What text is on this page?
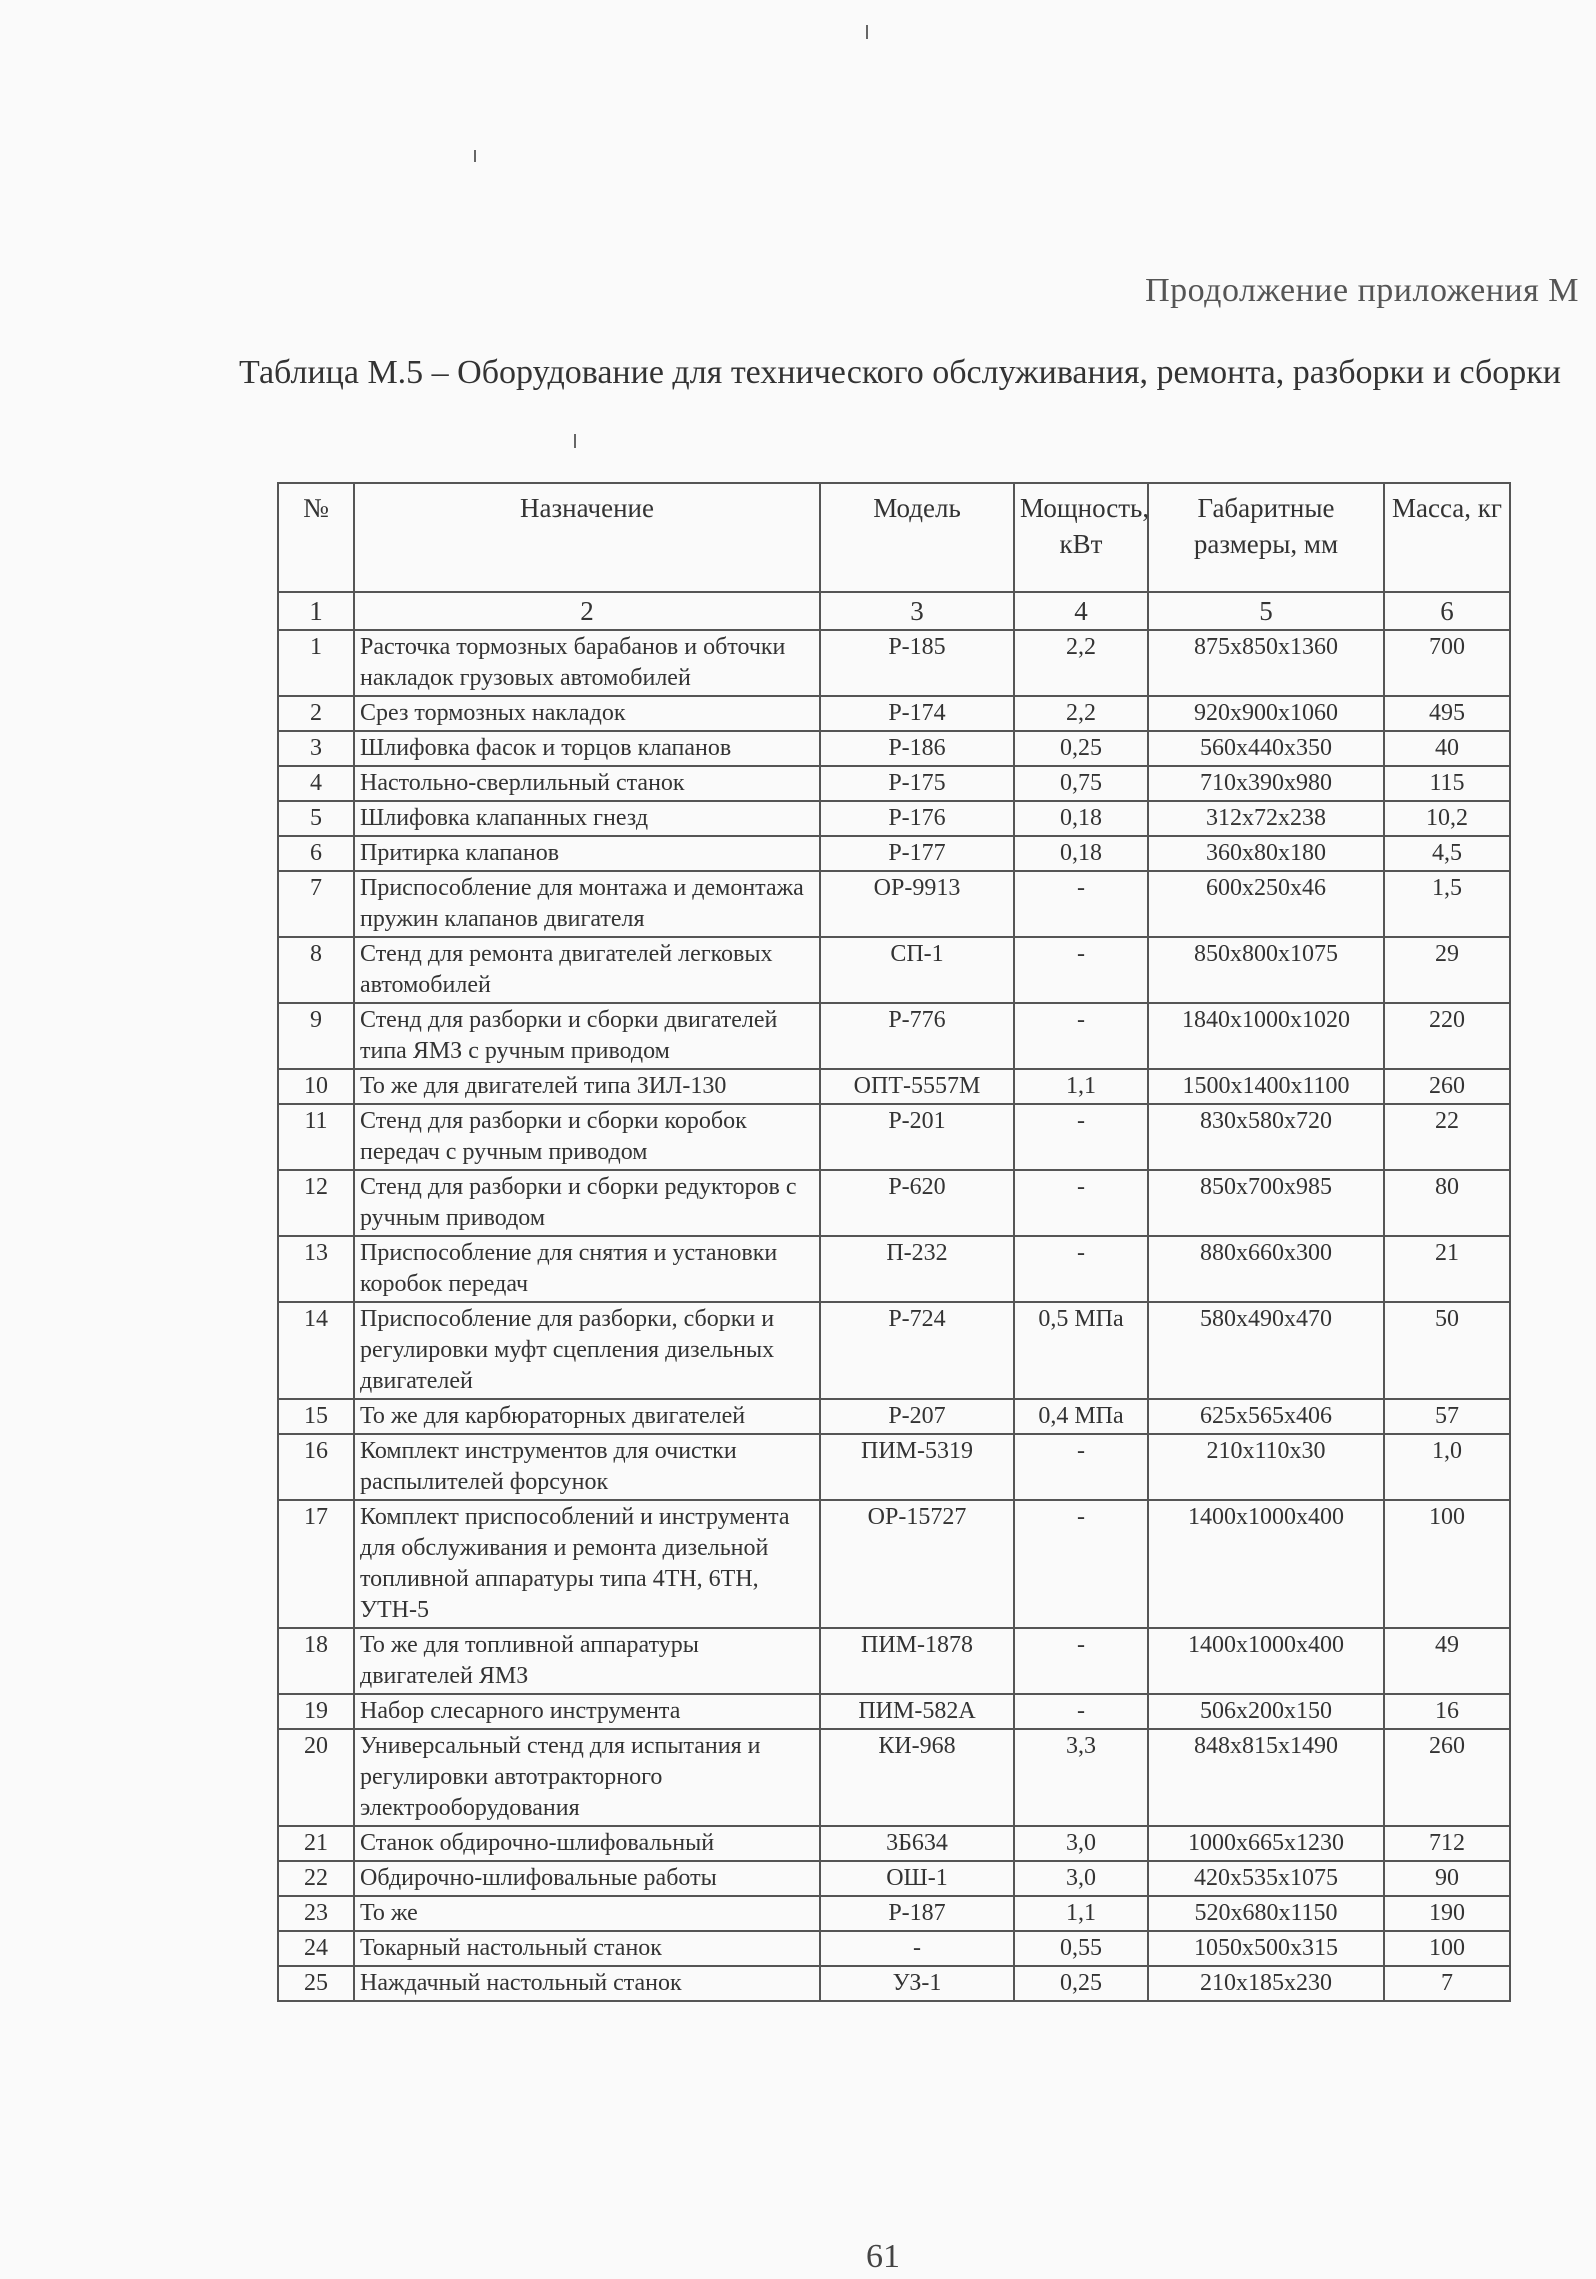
Продолжение приложения М
Таблица М.5 – Оборудование для технического обслуживания, ремонта, разборки и сборки
№	Назначение	Модель	Мощность, кВт	Габаритные размеры, мм	Масса, кг
1	2	3	4	5	6
1	Расточка тормозных барабанов и обточки накладок грузовых автомобилей	Р-185	2,2	875x850x1360	700
2	Срез тормозных накладок	Р-174	2,2	920x900x1060	495
3	Шлифовка фасок и торцов клапанов	Р-186	0,25	560x440x350	40
4	Настольно-сверлильный станок	Р-175	0,75	710x390x980	115
5	Шлифовка клапанных гнезд	Р-176	0,18	312x72x238	10,2
6	Притирка клапанов	Р-177	0,18	360x80x180	4,5
7	Приспособление для монтажа и демонтажа пружин клапанов двигателя	ОР-9913	-	600x250x46	1,5
8	Стенд для ремонта двигателей легковых автомобилей	СП-1	-	850x800x1075	29
9	Стенд для разборки и сборки двигателей типа ЯМЗ с ручным приводом	Р-776	-	1840x1000x1020	220
10	То же для двигателей типа ЗИЛ-130	ОПТ-5557М	1,1	1500x1400x1100	260
11	Стенд для разборки и сборки коробок передач с ручным приводом	Р-201	-	830x580x720	22
12	Стенд для разборки и сборки редукторов с ручным приводом	Р-620	-	850x700x985	80
13	Приспособление для снятия и установки коробок передач	П-232	-	880x660x300	21
14	Приспособление для разборки, сборки и регулировки муфт сцепления дизельных двигателей	Р-724	0,5 МПа	580x490x470	50
15	То же для карбюраторных двигателей	Р-207	0,4 МПа	625x565x406	57
16	Комплект инструментов для очистки распылителей форсунок	ПИМ-5319	-	210x110x30	1,0
17	Комплект приспособлений и инструмента для обслуживания и ремонта дизельной топливной аппаратуры типа 4ТН, 6ТН, УТН-5	ОР-15727	-	1400x1000x400	100
18	То же для топливной аппаратуры двигателей ЯМЗ	ПИМ-1878	-	1400x1000x400	49
19	Набор слесарного инструмента	ПИМ-582А	-	506x200x150	16
20	Универсальный стенд для испытания и регулировки автотракторного электрооборудования	КИ-968	3,3	848x815x1490	260
21	Станок обдирочно-шлифовальный	3Б634	3,0	1000x665x1230	712
22	Обдирочно-шлифовальные работы	ОШ-1	3,0	420x535x1075	90
23	То же	Р-187	1,1	520x680x1150	190
24	Токарный настольный станок	-	0,55	1050x500x315	100
25	Наждачный настольный станок	УЗ-1	0,25	210x185x230	7
61
